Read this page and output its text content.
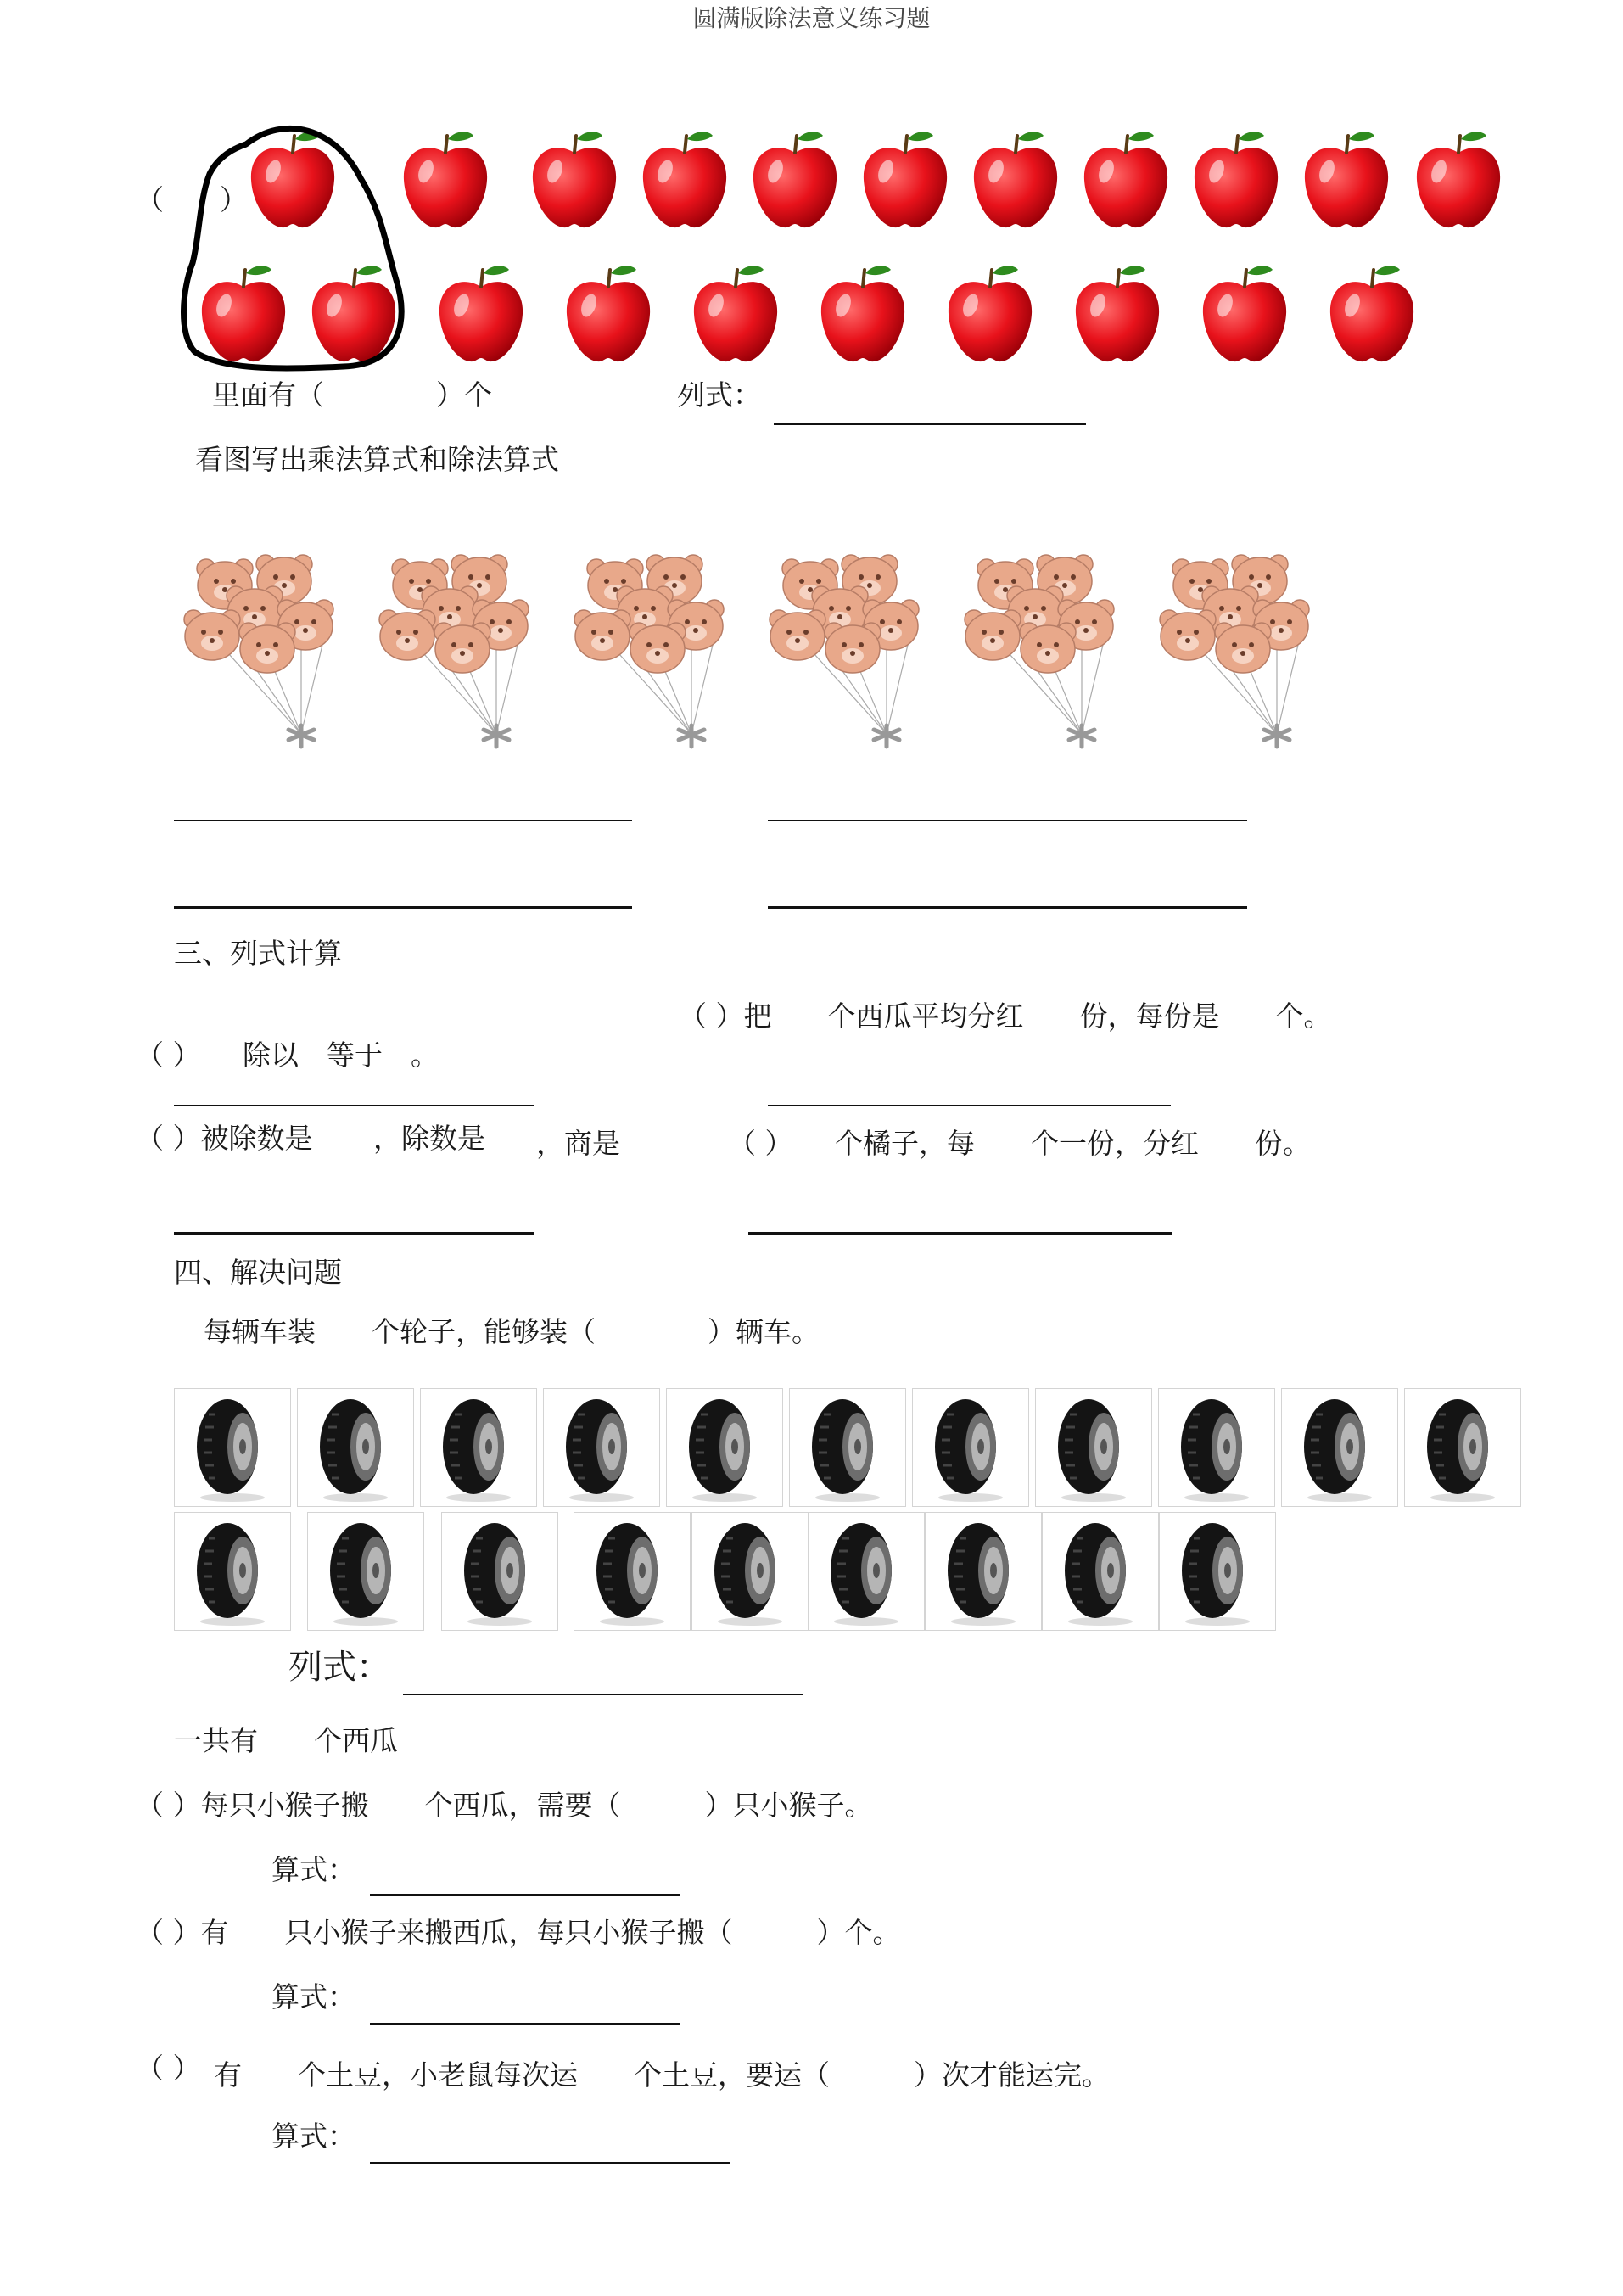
圆满版除法意义练习题
（　　）
里面有（　　　　）个	列式：
看图写出乘法算式和除法算式
三、列式计算
（ ）　　除以　等于　。
（ ）把　　个西瓜平均分红　　份，每份是　　个。
（ ）被除数是 ，除数是 ，商是	（ ）　　个橘子，每　　个一份，分红　　份。
四、解决问题
每辆车装　　个轮子，能够装（　　　　）辆车。
列式：
一共有　　个西瓜
（ ）每只小猴子搬　　个西瓜，需要（　　　）只小猴子。
算式：
（ ）有　　只小猴子来搬西瓜，每只小猴子搬（　　　）个。
算式：
（ ） 有　　个土豆，小老鼠每次运　　个土豆，要运（　　　）次才能运完。
算式：
